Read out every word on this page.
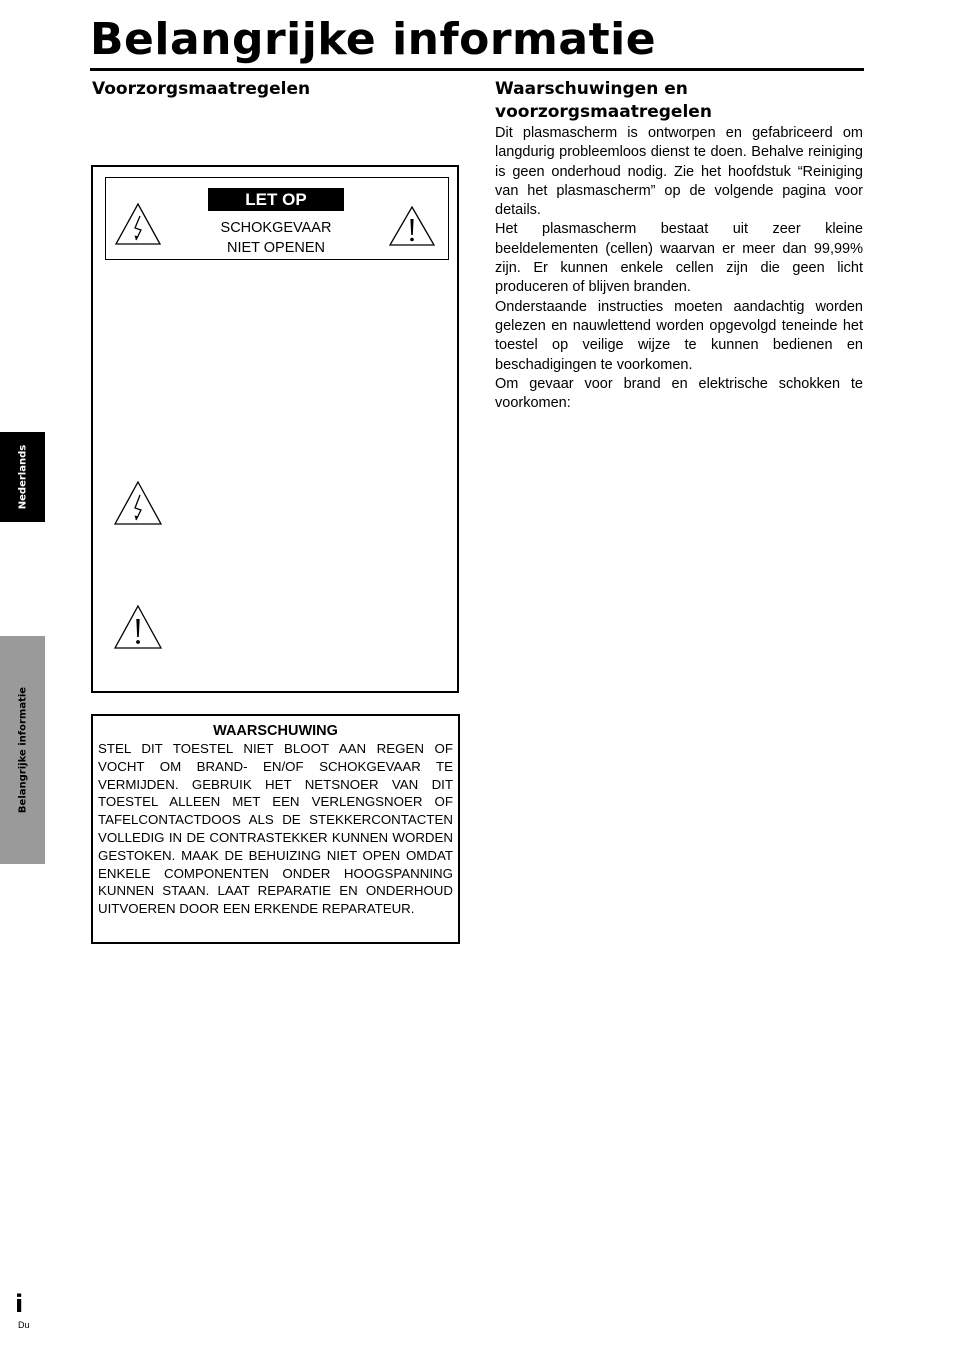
Belangrijke informatie
Voorzorgsmaatregelen
LET OP
SCHOKGEVAAR
NIET OPENEN

WAARSCHUWING

STEL DIT TOESTEL NIET BLOOT AAN REGEN OF VOCHT OM BRAND- EN/OF SCHOKGEVAAR TE VERMIJDEN. GEBRUIK HET NETSNOER VAN DIT TOESTEL ALLEEN MET EEN VERLENGSNOER OF TAFELCONTACTDOOS ALS DE STEKKERCONTACTEN VOLLEDIG IN DE CONTRASTEKKER KUNNEN WORDEN GESTOKEN. MAAK DE BEHUIZING NIET OPEN OMDAT ENKELE COMPONENTEN ONDER HOOGSPANNING KUNNEN STAAN. LAAT REPARATIE EN ONDERHOUD UITVOEREN DOOR EEN ERKENDE REPARATEUR.

Waarschuwingen en voorzorgsmaatregelen

Dit plasmascherm is ontworpen en gefabriceerd om langdurig probleemloos dienst te doen. Behalve reiniging is geen onderhoud nodig. Zie het hoofdstuk “Reiniging van het plasmascherm” op de volgende pagina voor details.

Het plasmascherm bestaat uit zeer kleine beeldelementen (cellen) waarvan er meer dan 99,99% zijn. Er kunnen enkele cellen zijn die geen licht produceren of blijven branden.

Onderstaande instructies moeten aandachtig worden gelezen en nauwlettend worden opgevolgd teneinde het toestel op veilige wijze te kunnen bedienen en beschadigingen te voorkomen.

Om gevaar voor brand en elektrische schokken te voorkomen:

Nederlands
Belangrijke informatie
i
Du
